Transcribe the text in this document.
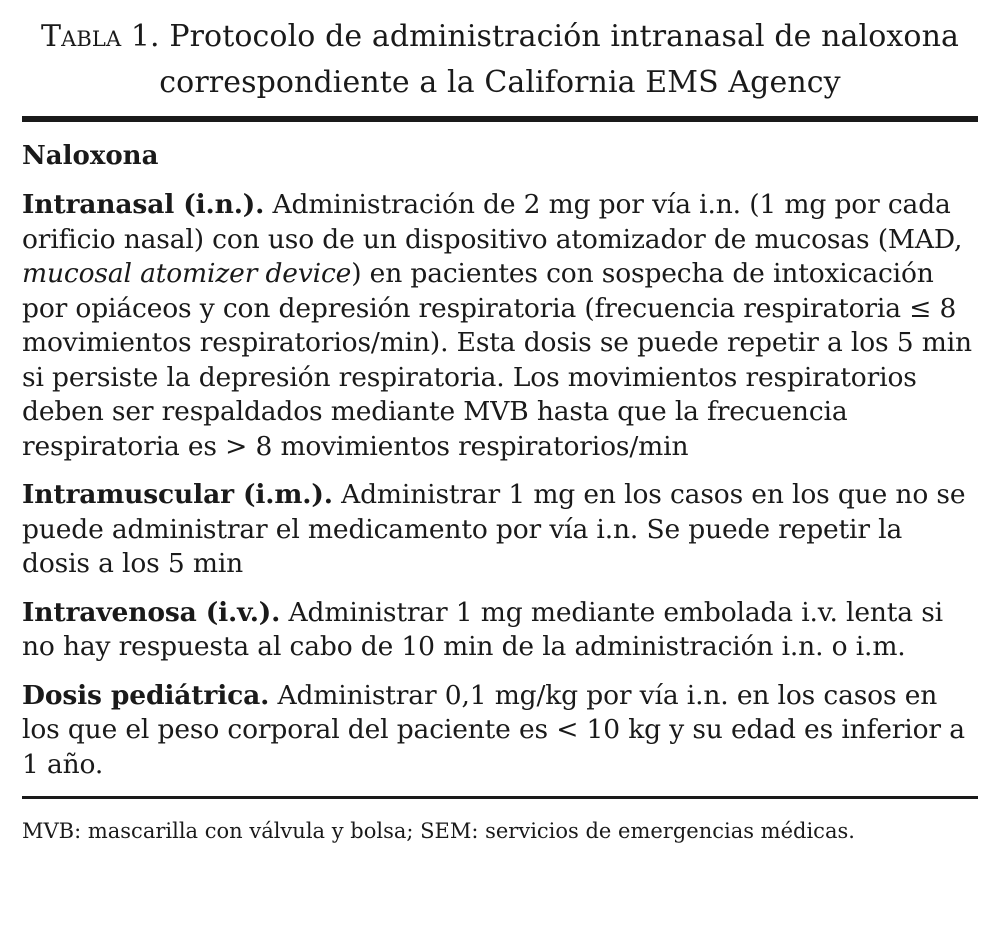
Tabla 1. Protocolo de administración intranasal de naloxona
correspondiente a la California EMS Agency
Naloxona

Intranasal (i.n.). Administración de 2 mg por vía i.n. (1 mg por cada orificio nasal) con uso de un dispositivo atomizador de mucosas (MAD, mucosal atomizer device) en pacientes con sospecha de intoxicación por opiáceos y con depresión respiratoria (frecuencia respiratoria ≤ 8 movimientos respiratorios/min). Esta dosis se puede repetir a los 5 min si persiste la depresión respiratoria. Los movimientos respiratorios deben ser respaldados mediante MVB hasta que la frecuencia respiratoria es > 8 movimientos respiratorios/min

Intramuscular (i.m.). Administrar 1 mg en los casos en los que no se puede administrar el medicamento por vía i.n. Se puede repetir la dosis a los 5 min

Intravenosa (i.v.). Administrar 1 mg mediante embolada i.v. lenta si no hay respuesta al cabo de 10 min de la administración i.n. o i.m.

Dosis pediátrica. Administrar 0,1 mg/kg por vía i.n. en los casos en los que el peso corporal del paciente es < 10 kg y su edad es inferior a 1 año.

MVB: mascarilla con válvula y bolsa; SEM: servicios de emergencias médicas.
